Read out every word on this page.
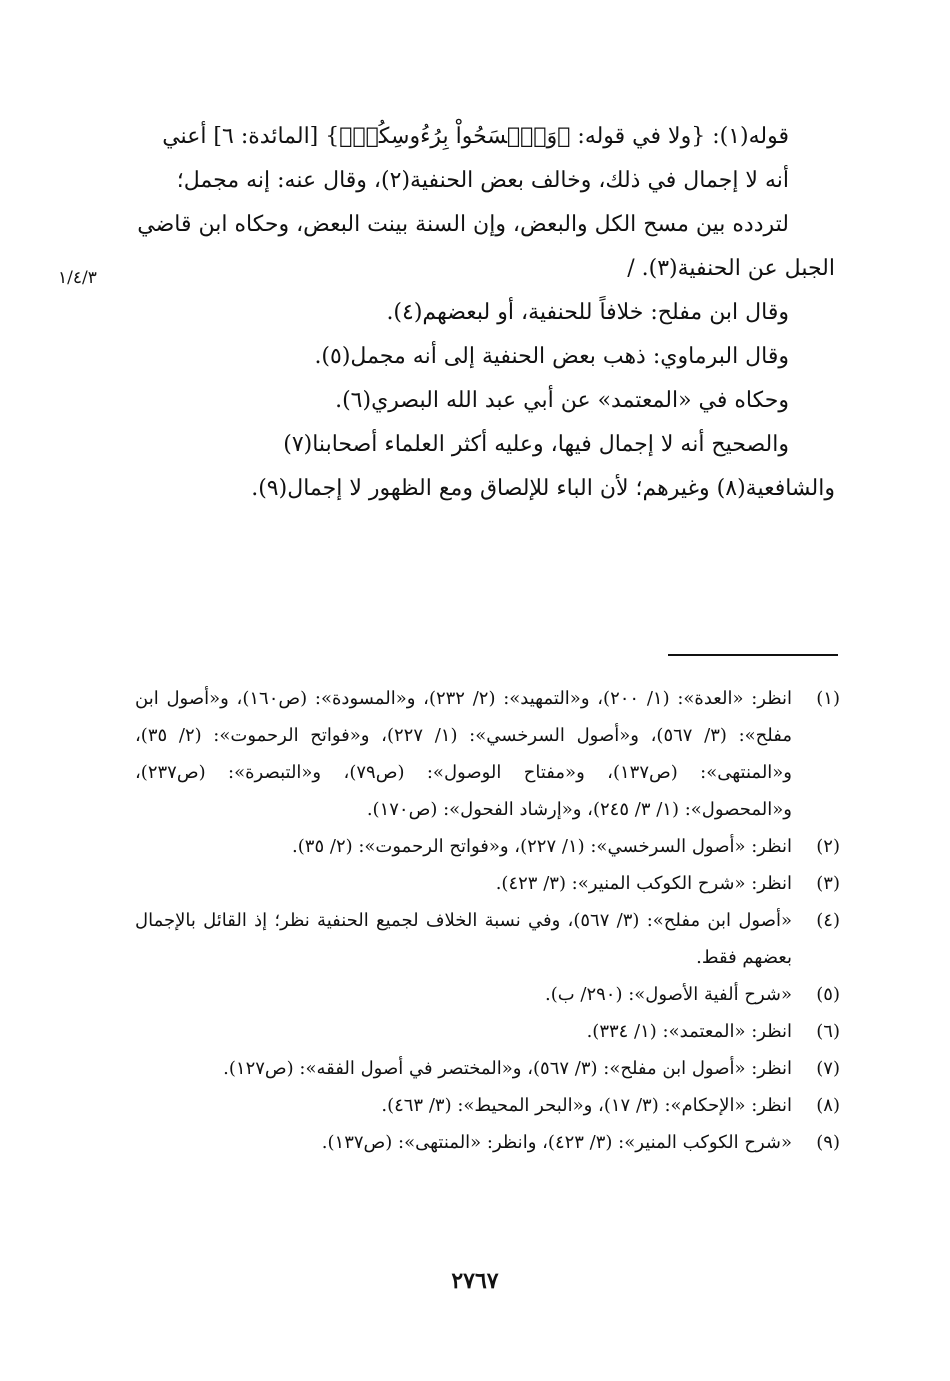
قوله(١): {ولا في قوله: ﴿وَٱمۡسَحُواْ بِرُءُوسِكُمۡ﴾} [المائدة: ٦] أعني
أنه لا إجمال في ذلك، وخالف بعض الحنفية(٢)، وقال عنه: إنه مجمل؛
لتردده بين مسح الكل والبعض، وإن السنة بينت البعض، وحكاه ابن قاضي
الجبل عن الحنفية(٣). /

وقال ابن مفلح: خلافاً للحنفية، أو لبعضهم(٤).

وقال البرماوي: ذهب بعض الحنفية إلى أنه مجمل(٥).

وحكاه في «المعتمد» عن أبي عبد الله البصري(٦).

والصحيح أنه لا إجمال فيها، وعليه أكثر العلماء أصحابنا(٧)
والشافعية(٨) وغيرهم؛ لأن الباء للإلصاق ومع الظهور لا إجمال(٩).

١/٤/٣
(١)
انظر: «العدة»: (١/ ٢٠٠)، و«التمهيد»: (٢/ ٢٣٢)، و«المسودة»: (ص١٦٠)، و«أصول ابن مفلح»: (٣/ ٥٦٧)، و«أصول السرخسي»: (١/ ٢٢٧)، و«فواتح الرحموت»: (٢/ ٣٥)، و«المنتهى»: (ص١٣٧)، و«مفتاح الوصول»: (ص٧٩)، و«التبصرة»: (ص٢٣٧)، و«المحصول»: (١/ ٣/ ٢٤٥)، و«إرشاد الفحول»: (ص١٧٠).
(٢)
انظر: «أصول السرخسي»: (١/ ٢٢٧)، و«فواتح الرحموت»: (٢/ ٣٥).
(٣)
انظر: «شرح الكوكب المنير»: (٣/ ٤٢٣).
(٤)
«أصول ابن مفلح»: (٣/ ٥٦٧)، وفي نسبة الخلاف لجميع الحنفية نظر؛ إذ القائل بالإجمال بعضهم فقط.
(٥)
«شرح ألفية الأصول»: (٢٩٠/ ب).
(٦)
انظر: «المعتمد»: (١/ ٣٣٤).
(٧)
انظر: «أصول ابن مفلح»: (٣/ ٥٦٧)، و«المختصر في أصول الفقه»: (ص١٢٧).
(٨)
انظر: «الإحكام»: (٣/ ١٧)، و«البحر المحيط»: (٣/ ٤٦٣).
(٩)
«شرح الكوكب المنير»: (٣/ ٤٢٣)، وانظر: «المنتهى»: (ص١٣٧).
٢٧٦٧
